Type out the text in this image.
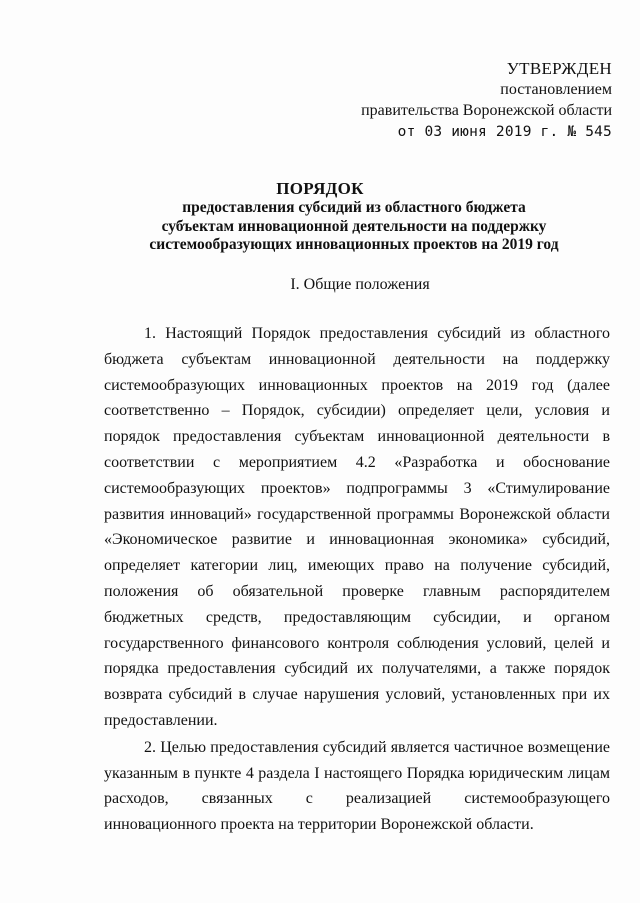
УТВЕРЖДЕН
постановлением
правительства Воронежской области
от 03 июня 2019 г. № 545
ПОРЯДОК
предоставления субсидий из областного бюджета
субъектам инновационной деятельности на поддержку
системообразующих инновационных проектов на 2019 год
I. Общие положения

1. Настоящий Порядок предоставления субсидий из областного бюджета субъектам инновационной деятельности на поддержку системообразующих инновационных проектов на 2019 год (далее соответственно – Порядок, субсидии) определяет цели, условия и порядок предоставления субъектам инновационной деятельности в соответствии с мероприятием 4.2 «Разработка и обоснование системообразующих проектов» подпрограммы 3 «Стимулирование развития инноваций» государственной программы Воронежской области «Экономическое развитие и инновационная экономика» субсидий, определяет категории лиц, имеющих право на получение субсидий, положения об обязательной проверке главным распорядителем бюджетных средств, предоставляющим субсидии, и органом государственного финансового контроля соблюдения условий, целей и порядка предоставления субсидий их получателями, а также порядок возврата субсидий в случае нарушения условий, установленных при их предоставлении.

2. Целью предоставления субсидий является частичное возмещение указанным в пункте 4 раздела I настоящего Порядка юридическим лицам расходов, связанных с реализацией системообразующего инновационного проекта на территории Воронежской области.
